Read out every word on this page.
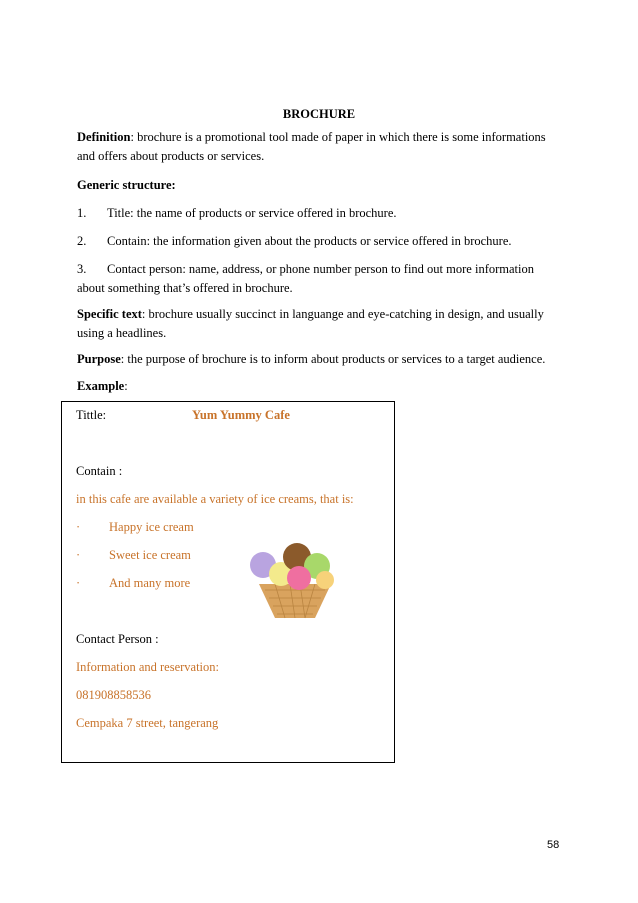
BROCHURE

Definition: brochure is a promotional tool made of paper in which there is some informations
and offers about products or services.

Generic structure:

1. Title: the name of products or service offered in brochure.

2. Contain: the information given about the products or service offered in brochure.

3. Contact person: name, address, or phone number person to find out more information
about something that’s offered in brochure.

Specific text: brochure usually succinct in languange and eye-catching in design, and usually
using a headlines.

Purpose: the purpose of brochure is to inform about products or services to a target audience.

Example:

Tittle:	Yum Yummy Cafe
Contain :
in this cafe are available a variety of ice creams, that is:
· Happy ice cream
· Sweet ice cream
· And many more
Contact Person :
Information and reservation:
081908858536
Cempaka 7 street, tangerang
58
